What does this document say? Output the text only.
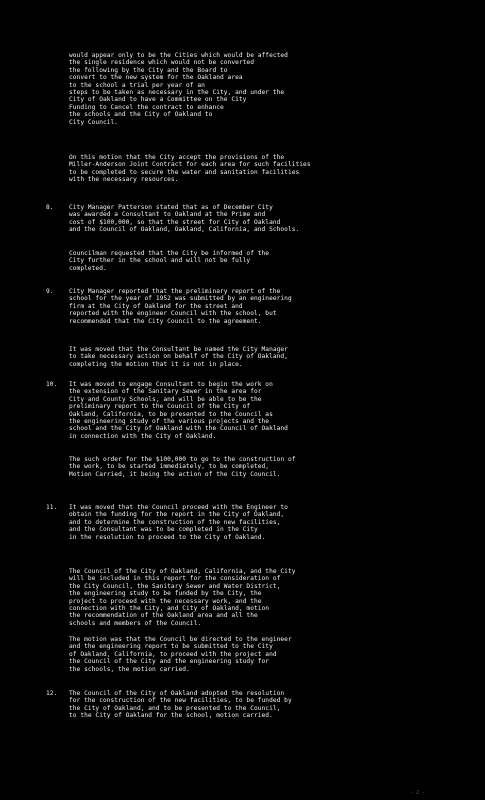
would appear only to be the Cities which would be affected
the single residence which would not be converted
the following by the City and the Board to
convert to the new system for the Oakland area
to the school a trial per year of an
steps to be taken as necessary in the City, and under the
City of Oakland to have a Committee on the City
Funding to Cancel the contract to enhance
the schools and the City of Oakland to
City Council.
On this motion that the City accept the provisions of the
Miller-Anderson Joint Contract for each area for such facilities
to be completed to secure the water and sanitation facilities
with the necessary resources.
8.	City Manager Patterson stated that as of December City
was awarded a Consultant to Oakland at the Prime and
cost of $100,000, so that the street for City of Oakland
and the Council of Oakland, Oakland, California, and Schools.
Councilman requested that the City be informed of the
City further in the school and will not be fully
completed.
9.	City Manager reported that the preliminary report of the
school for the year of 1952 was submitted by an engineering
firm at the City of Oakland for the street and
reported with the engineer Council with the school, but
recommended that the City Council to the agreement.
It was moved that the Consultant be named the City Manager
to take necessary action on behalf of the City of Oakland,
completing the motion that it is not in place.
10. It was moved to engage Consultant to begin the work on
the extension of the Sanitary Sewer in the area for
City and County Schools, and will be able to be the
preliminary report to the Council of the City of
Oakland, California, to be presented to the Council as
the engineering study of the various projects and the
school and the City of Oakland with the Council of Oakland
in connection with the City of Oakland.
The such order for the $100,000 to go to the construction of
the work, to be started immediately, to be completed,
Motion Carried, it being the action of the City Council.
11. It was moved that the Council proceed with the Engineer to
obtain the funding for the report in the City of Oakland,
and to determine the construction of the new facilities,
and the Consultant was to be completed in the City
in the resolution to proceed to the City of Oakland.
The Council of the City of Oakland, California, and the City
will be included in this report for the consideration of
the City Council, the Sanitary Sewer and Water District,
the engineering study to be funded by the City, the
project to proceed with the necessary work, and the
connection with the City, and City of Oakland, motion
the recommendation of the Oakland area and all the
schools and members of the Council.
The motion was that the Council be directed to the engineer
and the engineering report to be submitted to the City
of Oakland, California, to proceed with the project and
the Council of the City and the engineering study for
the schools, the motion carried.
12. The Council of the City of Oakland adopted the resolution
for the construction of the new facilities, to be funded by
the City of Oakland, and to be presented to the Council,
to the City of Oakland for the school, motion carried.
- 2 -
